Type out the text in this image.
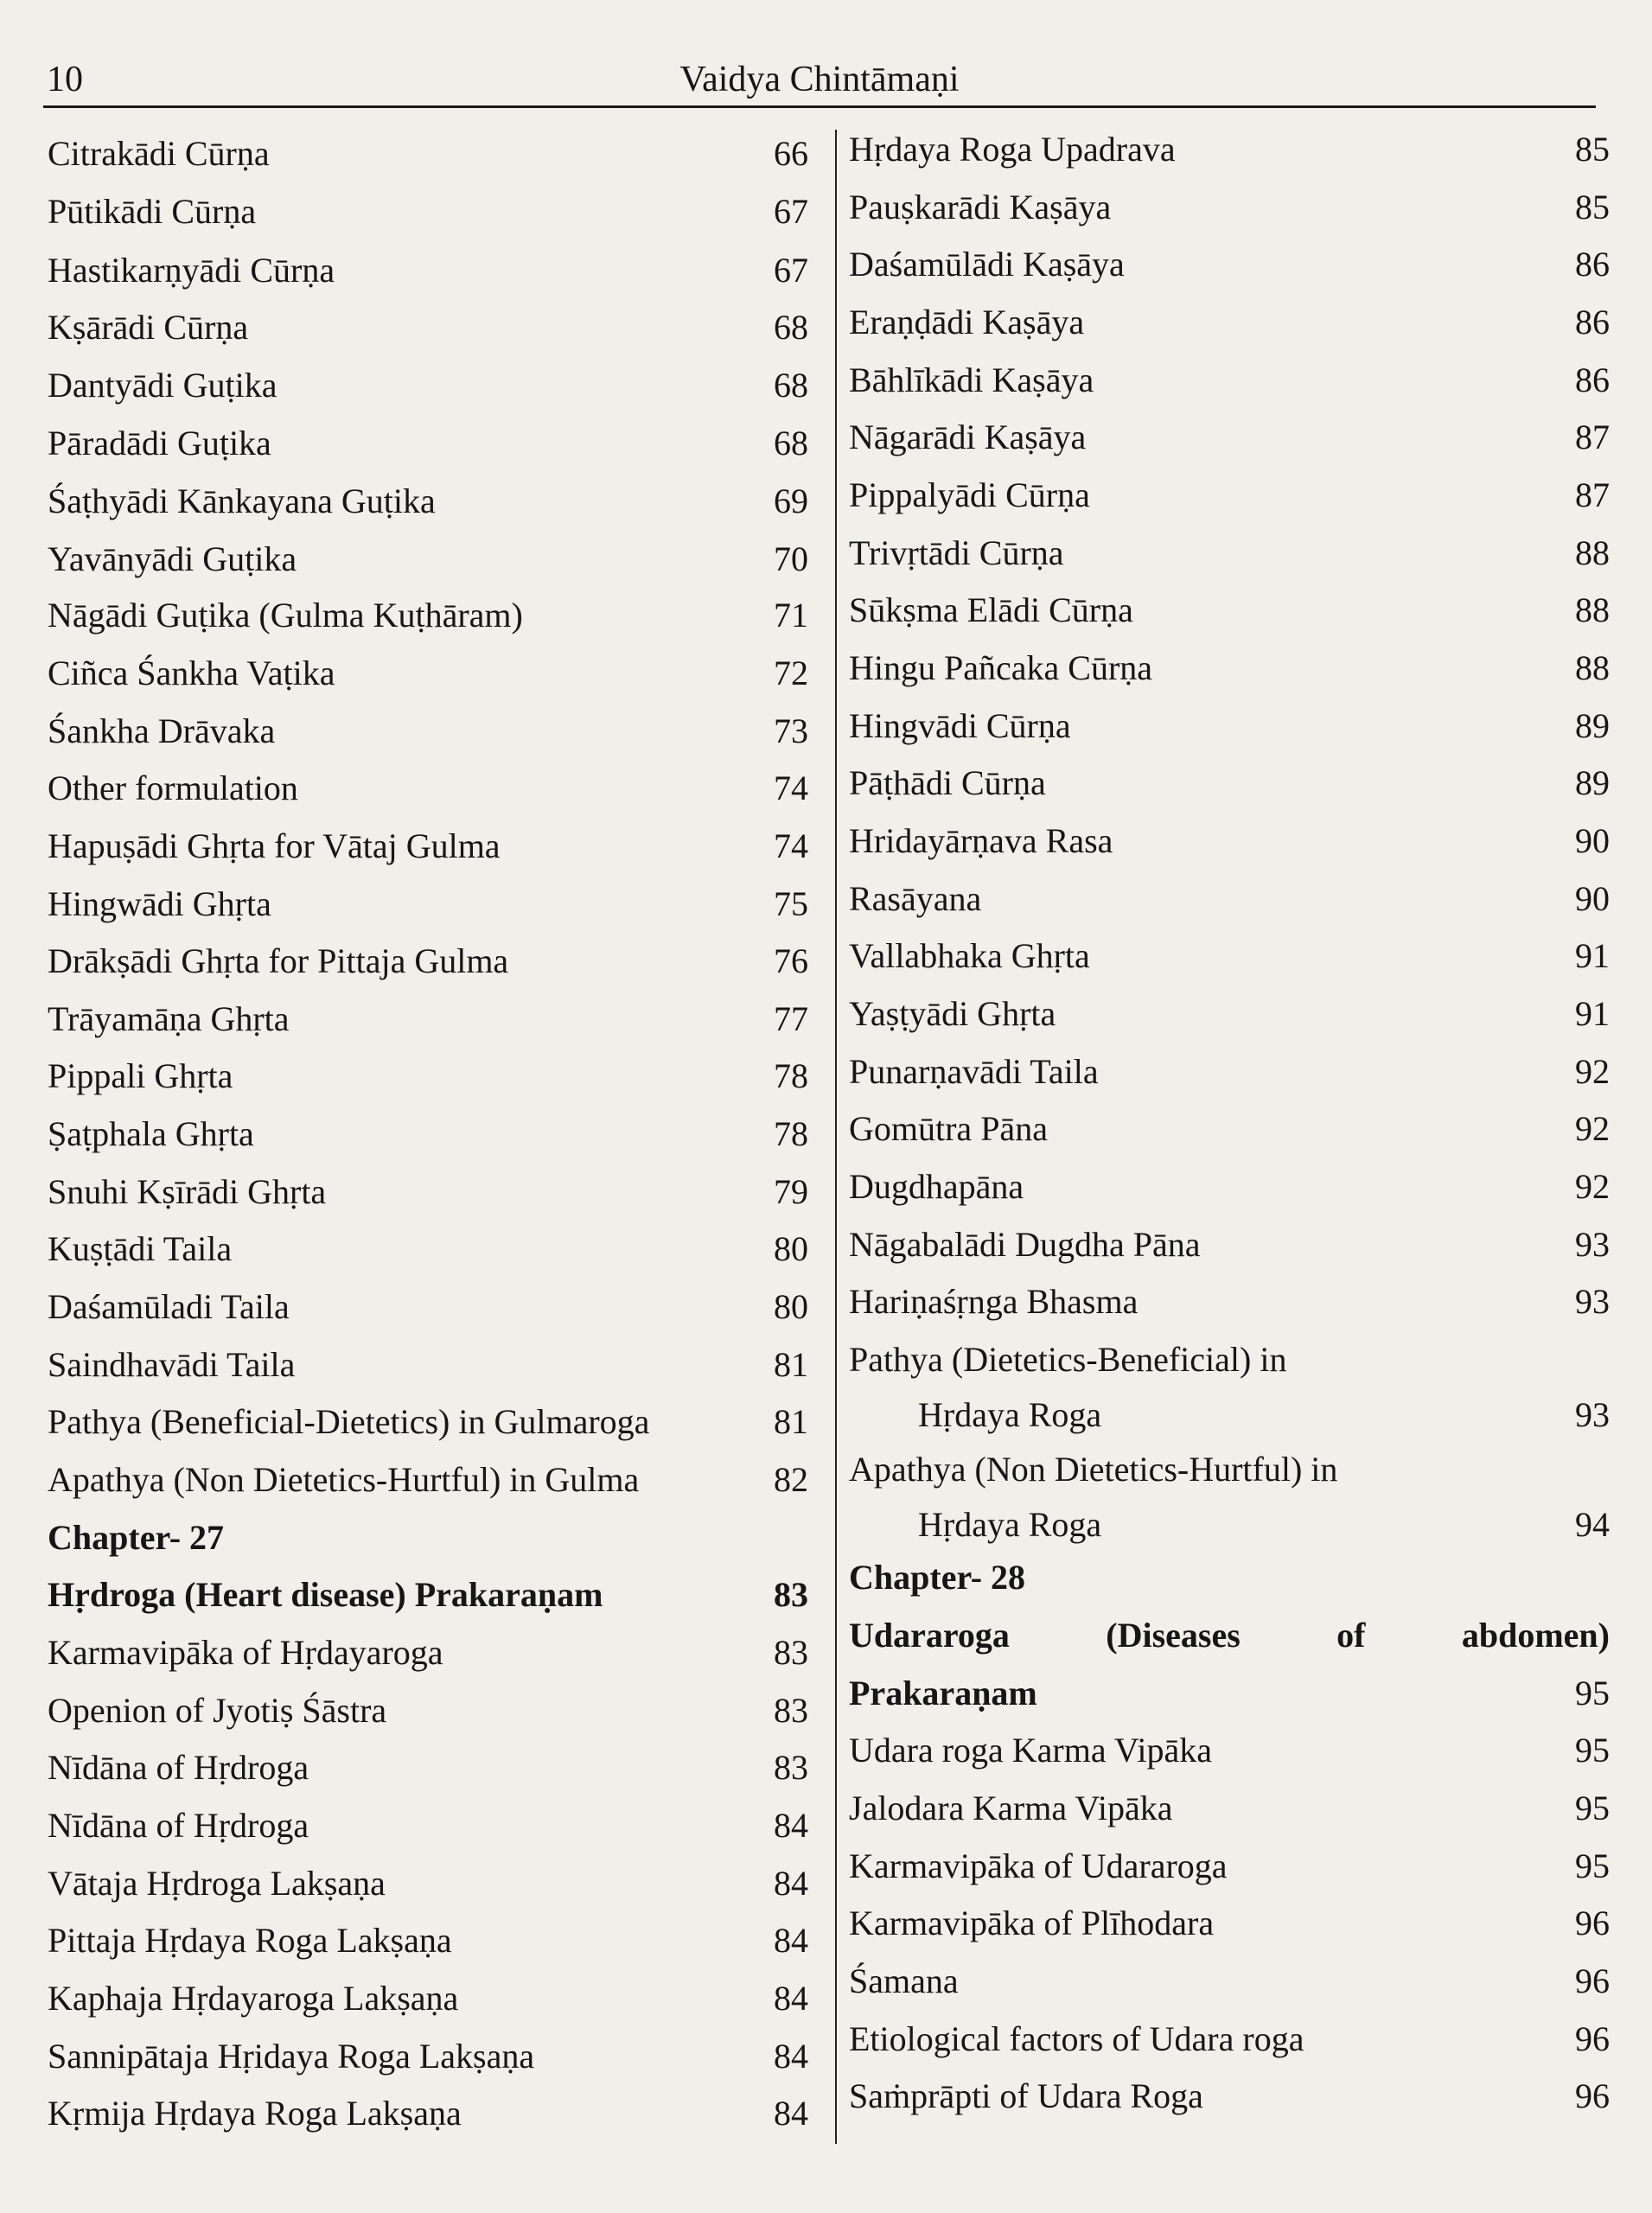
10	Vaidya Chintāmaṇi
Citrakādi Cūrṇa	66
Pūtikādi Cūrṇa	67
Hastikarṇyādi Cūrṇa	67
Kṣārādi Cūrṇa	68
Dantyādi Guṭika	68
Pāradādi Guṭika	68
Śaṭhyādi Kānkayana Guṭika	69
Yavānyādi Guṭika	70
Nāgādi Guṭika (Gulma Kuṭhāram)	71
Ciñca Śankha Vaṭika	72
Śankha Drāvaka	73
Other formulation	74
Hapuṣādi Ghṛta for Vātaj Gulma	74
Hingwādi Ghṛta	75
Drākṣādi Ghṛta for Pittaja Gulma	76
Trāyamāṇa Ghṛta	77
Pippali Ghṛta	78
Ṣaṭphala Ghṛta	78
Snuhi Kṣīrādi Ghṛta	79
Kuṣṭādi Taila	80
Daśamūladi Taila	80
Saindhavādi Taila	81
Pathya (Beneficial-Dietetics) in Gulmaroga	81
Apathya (Non Dietetics-Hurtful) in Gulma	82
Chapter- 27
Hṛdroga (Heart disease) Prakaraṇam	83
Karmavipāka of Hṛdayaroga	83
Openion of Jyotiṣ Śāstra	83
Nīdāna of Hṛdroga	83
Nīdāna of Hṛdroga	84
Vātaja Hṛdroga Lakṣaṇa	84
Pittaja Hṛdaya Roga Lakṣaṇa	84
Kaphaja Hṛdayaroga Lakṣaṇa	84
Sannipātaja Hṛidaya Roga Lakṣaṇa	84
Kṛmija Hṛdaya Roga Lakṣaṇa	84
Hṛdaya Roga Upadrava	85
Pauṣkarādi Kaṣāya	85
Daśamūlādi Kaṣāya	86
Eraṇḍādi Kaṣāya	86
Bāhlīkādi Kaṣāya	86
Nāgarādi Kaṣāya	87
Pippalyādi Cūrṇa	87
Trivṛtādi Cūrṇa	88
Sūkṣma Elādi Cūrṇa	88
Hingu Pañcaka Cūrṇa	88
Hingvādi Cūrṇa	89
Pāṭhādi Cūrṇa	89
Hridayārṇava Rasa	90
Rasāyana	90
Vallabhaka Ghṛta	91
Yaṣṭyādi Ghṛta	91
Punarṇavādi Taila	92
Gomūtra Pāna	92
Dugdhapāna	92
Nāgabalādi Dugdha Pāna	93
Hariṇaśṛnga Bhasma	93
Pathya (Dietetics-Beneficial) in
Hṛdaya Roga	93
Apathya (Non Dietetics-Hurtful) in
Hṛdaya Roga	94
Chapter- 28
Udararoga (Diseases of abdomen)
Prakaraṇam	95
Udara roga Karma Vipāka	95
Jalodara Karma Vipāka	95
Karmavipāka of Udararoga	95
Karmavipāka of Plīhodara	96
Śamana	96
Etiological factors of Udara roga	96
Saṁprāpti of Udara Roga	96
